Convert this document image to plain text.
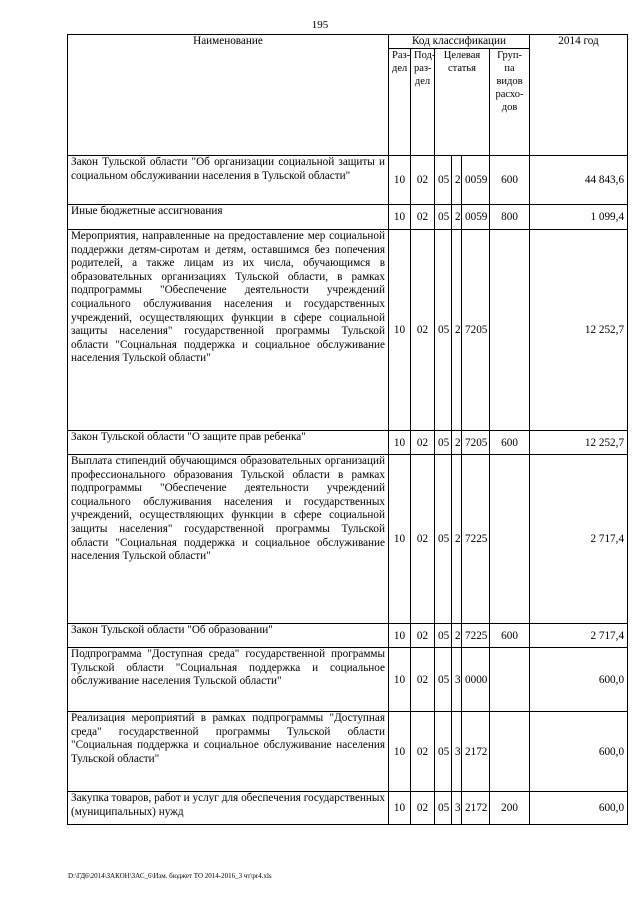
195
Наименование	Код классификации						2014 год
	Раз-дел	Под-раз-дел	Целевая статья			Груп-па видов расхо-дов	
Закон Тульской области "Об организации социальной защиты и социальном обслуживании населения в Тульской области"	10	02	05	2	0059	600	44 843,6
Иные бюджетные ассигнования	10	02	05	2	0059	800	1 099,4
Мероприятия, направленные на предоставление мер социальной поддержки детям-сиротам и детям, оставшимся без попечения родителей, а также лицам из их числа, обучающимся в образовательных организациях Тульской области, в рамках подпрограммы "Обеспечение деятельности учреждений социального обслуживания населения и государственных учреждений, осуществляющих функции в сфере социальной защиты населения" государственной программы Тульской области "Социальная поддержка и социальное обслуживание населения Тульской области"	10	02	05	2	7205		12 252,7
Закон Тульской области "О защите прав ребенка"	10	02	05	2	7205	600	12 252,7
Выплата стипендий обучающимся образовательных организаций профессионального образования Тульской области в рамках подпрограммы "Обеспечение деятельности учреждений социального обслуживания населения и государственных учреждений, осуществляющих функции в сфере социальной защиты населения" государственной программы Тульской области "Социальная поддержка и социальное обслуживание населения Тульской области"	10	02	05	2	7225		2 717,4
Закон Тульской области "Об образовании"	10	02	05	2	7225	600	2 717,4
Подпрограмма "Доступная среда" государственной программы Тульской области "Социальная поддержка и социальное обслуживание населения Тульской области"	10	02	05	3	0000		600,0
Реализация мероприятий в рамках подпрограммы "Доступная среда" государственной программы Тульской области "Социальная поддержка и социальное обслуживание населения Тульской области"	10	02	05	3	2172		600,0
Закупка товаров, работ и услуг для обеспечения государственных (муниципальных) нужд	10	02	05	3	2172	200	600,0
D:\ГД6\2014\ЗАКОН\ЗАС_6\Изм. бюджет ТО 2014-2016_3 чт\pr4.xls
